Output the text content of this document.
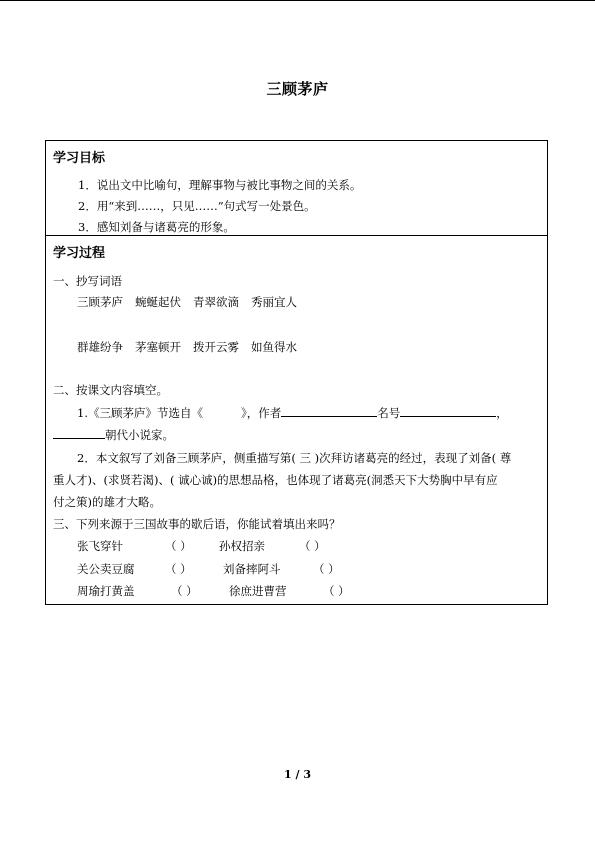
三顾茅庐
学习目标
1．说出文中比喻句，理解事物与被比事物之间的关系。
2．用“来到……，只见……”句式写一处景色。
3．感知刘备与诸葛亮的形象。
学习过程
一、抄写词语
三顾茅庐 蜿蜒起伏 青翠欲滴 秀丽宜人
群雄纷争 茅塞顿开 拨开云雾 如鱼得水
二、按课文内容填空。
1.《三顾茅庐》节选自《	》，作者	名号	，
朝代小说家。
2．本文叙写了刘备三顾茅庐，侧重描写第( 三 )次拜访诸葛亮的经过，表现了刘备( 尊
重人才)、(求贤若渴)、( 诚心诚)的思想品格，也体现了诸葛亮(洞悉天下大势胸中早有应
付之策)的雄才大略。
三、下列来源于三国故事的歇后语，你能试着填出来吗？
张飞穿针	（ ） 孙权招亲	（ ）
关公卖豆腐	（ ）	刘备摔阿斗	（ ）
周瑜打黄盖	（ ）	徐庶进曹营	（ ）
1 / 3
